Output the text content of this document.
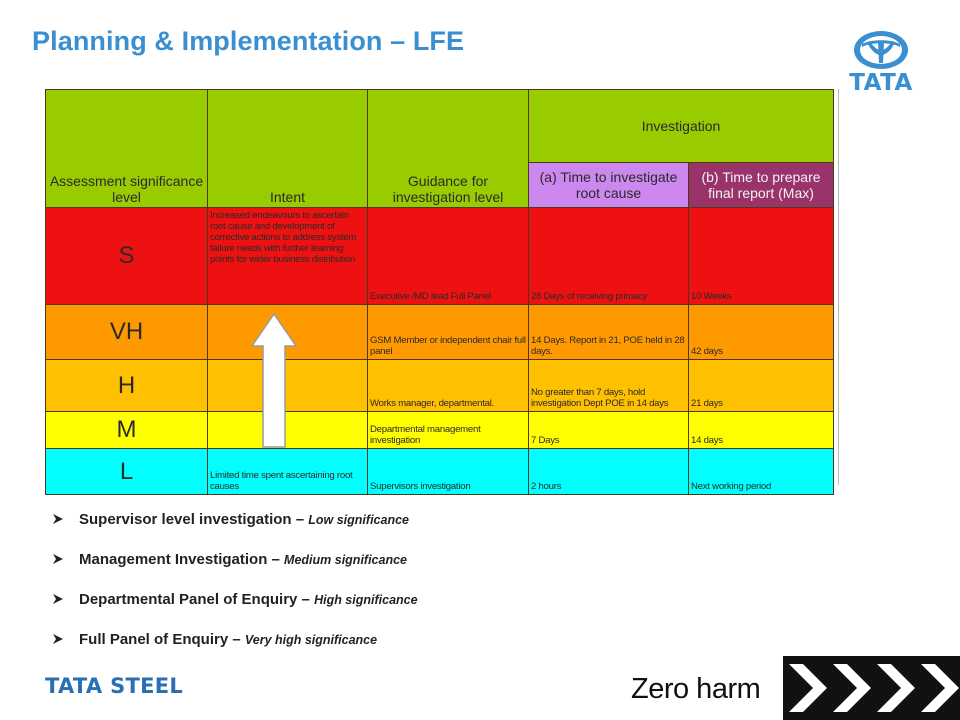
Planning & Implementation – LFE
TATA
Assessment significance level	Intent	Guidance for investigation level	Investigation	
			(a) Time to investigate root cause	(b) Time to prepare final report (Max)
S	Increased endeavours to ascertain root cause and development of corrective actions to address system failure needs with further learning points for wider business distribution	Executive /MD lead Full Panel	28 Days of receiving primacy	10 Weeks
VH		GSM Member or independent chair full panel	14 Days. Report in 21, POE held in 28 days.	42 days
H		Works manager, departmental.	No greater than 7 days, hold investigation Dept POE in 14 days	21 days
M		Departmental management investigation	7 Days	14 days
L	Limited time spent ascertaining root causes	Supervisors investigation	2 hours	Next working period
Supervisor level investigation – Low significance
Management Investigation – Medium significance
Departmental Panel of Enquiry – High significance
Full Panel of Enquiry – Very high significance
TATA STEEL	Zero harm
